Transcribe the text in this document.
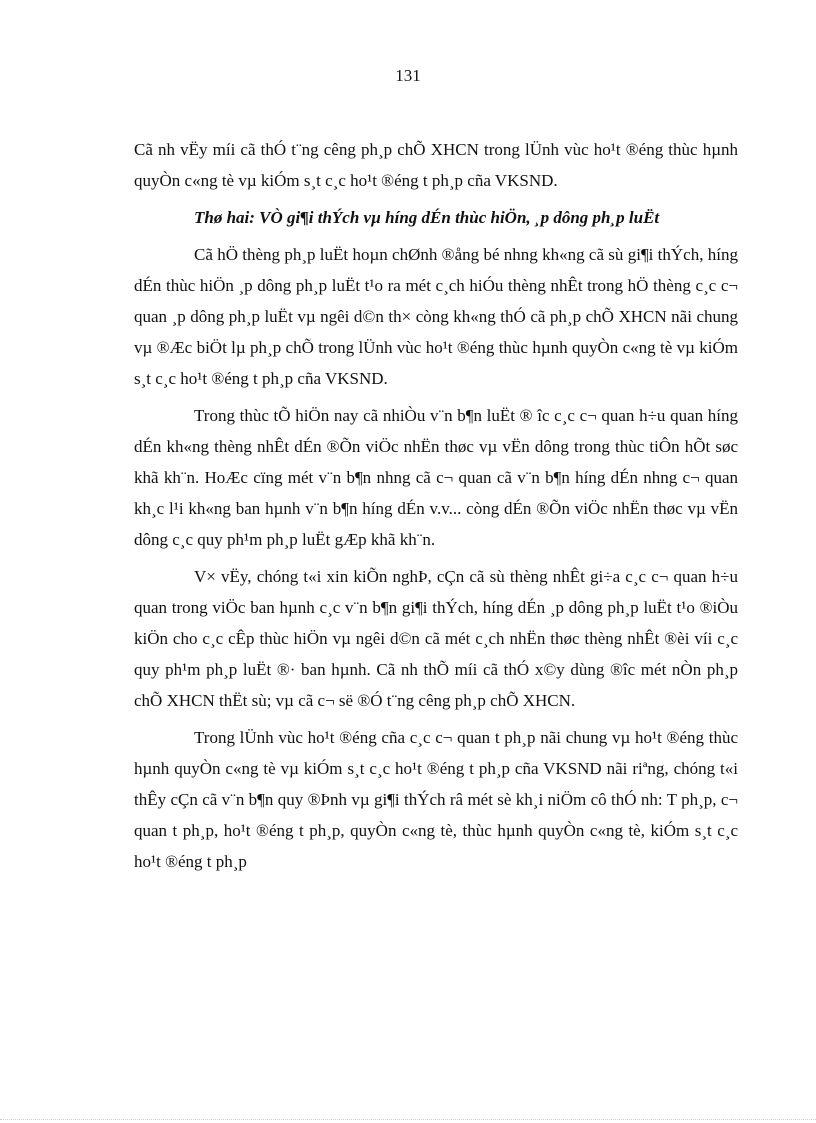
131

Cã nh vËy míi cã thÓ t¨ng cêng ph¸p chÕ XHCN trong lÜnh vùc ho¹t ®éng thùc hµnh quyÒn c«ng tè vµ kiÓm s¸t c¸c ho¹t ®éng t ph¸p cña VKSND.

Thø hai: VÒ gi¶i thÝch vµ híng dÉn thùc hiÖn, ¸p dông ph¸p luËt

Cã hÖ thèng ph¸p luËt hoµn chØnh ®ång bé nhng kh«ng cã sù gi¶i thÝch, híng dÉn thùc hiÖn ¸p dông ph¸p luËt t¹o ra mét c¸ch hiÓu thèng nhÊt trong hÖ thèng c¸c c¬ quan ¸p dông ph¸p luËt vµ ngêi d©n th× còng kh«ng thÓ cã ph¸p chÕ XHCN nãi chung vµ ®Æc biÖt lµ ph¸p chÕ trong lÜnh vùc ho¹t ®éng thùc hµnh quyÒn c«ng tè vµ kiÓm s¸t c¸c ho¹t ®éng t ph¸p cña VKSND.

Trong thùc tÕ hiÖn nay cã nhiÒu v¨n b¶n luËt ® îc c¸c c¬ quan h÷u quan híng dÉn kh«ng thèng nhÊt dÉn ®Õn viÖc nhËn thøc vµ vËn dông trong thùc tiÔn hÕt søc khã kh¨n. HoÆc cïng mét v¨n b¶n nhng cã c¬ quan cã v¨n b¶n híng dÉn nhng c¬ quan kh¸c l¹i kh«ng ban hµnh v¨n b¶n híng dÉn v.v... còng dÉn ®Õn viÖc nhËn thøc vµ vËn dông c¸c quy ph¹m ph¸p luËt gÆp khã kh¨n.

V× vËy, chóng t«i xin kiÕn nghÞ, cÇn cã sù thèng nhÊt gi÷a c¸c c¬ quan h÷u quan trong viÖc ban hµnh c¸c v¨n b¶n gi¶i thÝch, híng dÉn ¸p dông ph¸p luËt t¹o ®iÒu kiÖn cho c¸c cÊp thùc hiÖn vµ ngêi d©n cã mét c¸ch nhËn thøc thèng nhÊt ®èi víi c¸c quy ph¹m ph¸p luËt ®· ban hµnh. Cã nh thÕ míi cã thÓ x©y dùng ®îc mét nÒn ph¸p chÕ XHCN thËt sù; vµ cã c¬ së ®Ó t¨ng cêng ph¸p chÕ XHCN.

Trong lÜnh vùc ho¹t ®éng cña c¸c c¬ quan t ph¸p nãi chung vµ ho¹t ®éng thùc hµnh quyÒn c«ng tè vµ kiÓm s¸t c¸c ho¹t ®éng t ph¸p cña VKSND nãi riªng, chóng t«i thÊy cÇn cã v¨n b¶n quy ®Þnh vµ gi¶i thÝch râ mét sè kh¸i niÖm cô thÓ nh: T ph¸p, c¬ quan t ph¸p, ho¹t ®éng t ph¸p, quyÒn c«ng tè, thùc hµnh quyÒn c«ng tè, kiÓm s¸t c¸c ho¹t ®éng t ph¸p
